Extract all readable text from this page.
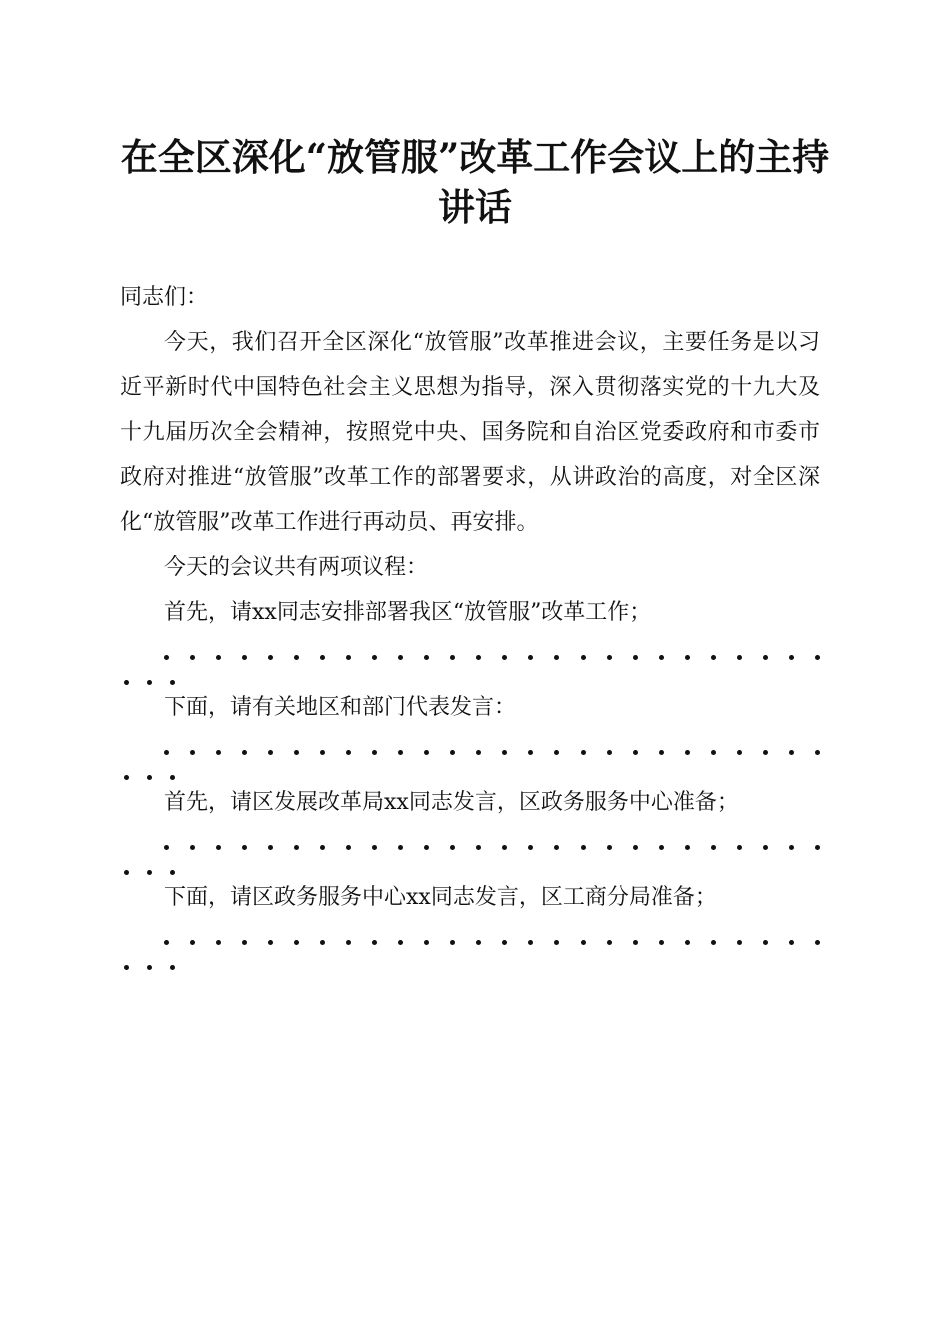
在全区深化“放管服”改革工作会议上的主持
讲话

同志们：

今天，我们召开全区深化“放管服”改革推进会议，主要任务是以习近平新时代中国特色社会主义思想为指导，深入贯彻落实党的十九大及十九届历次全会精神，按照党中央、国务院和自治区党委政府和市委市政府对推进“放管服”改革工作的部署要求，从讲政治的高度，对全区深化“放管服”改革工作进行再动员、再安排。

今天的会议共有两项议程：

首先，请xx同志安排部署我区“放管服”改革工作；

下面，请有关地区和部门代表发言：

首先，请区发展改革局xx同志发言，区政务服务中心准备；

下面，请区政务服务中心xx同志发言，区工商分局准备；
